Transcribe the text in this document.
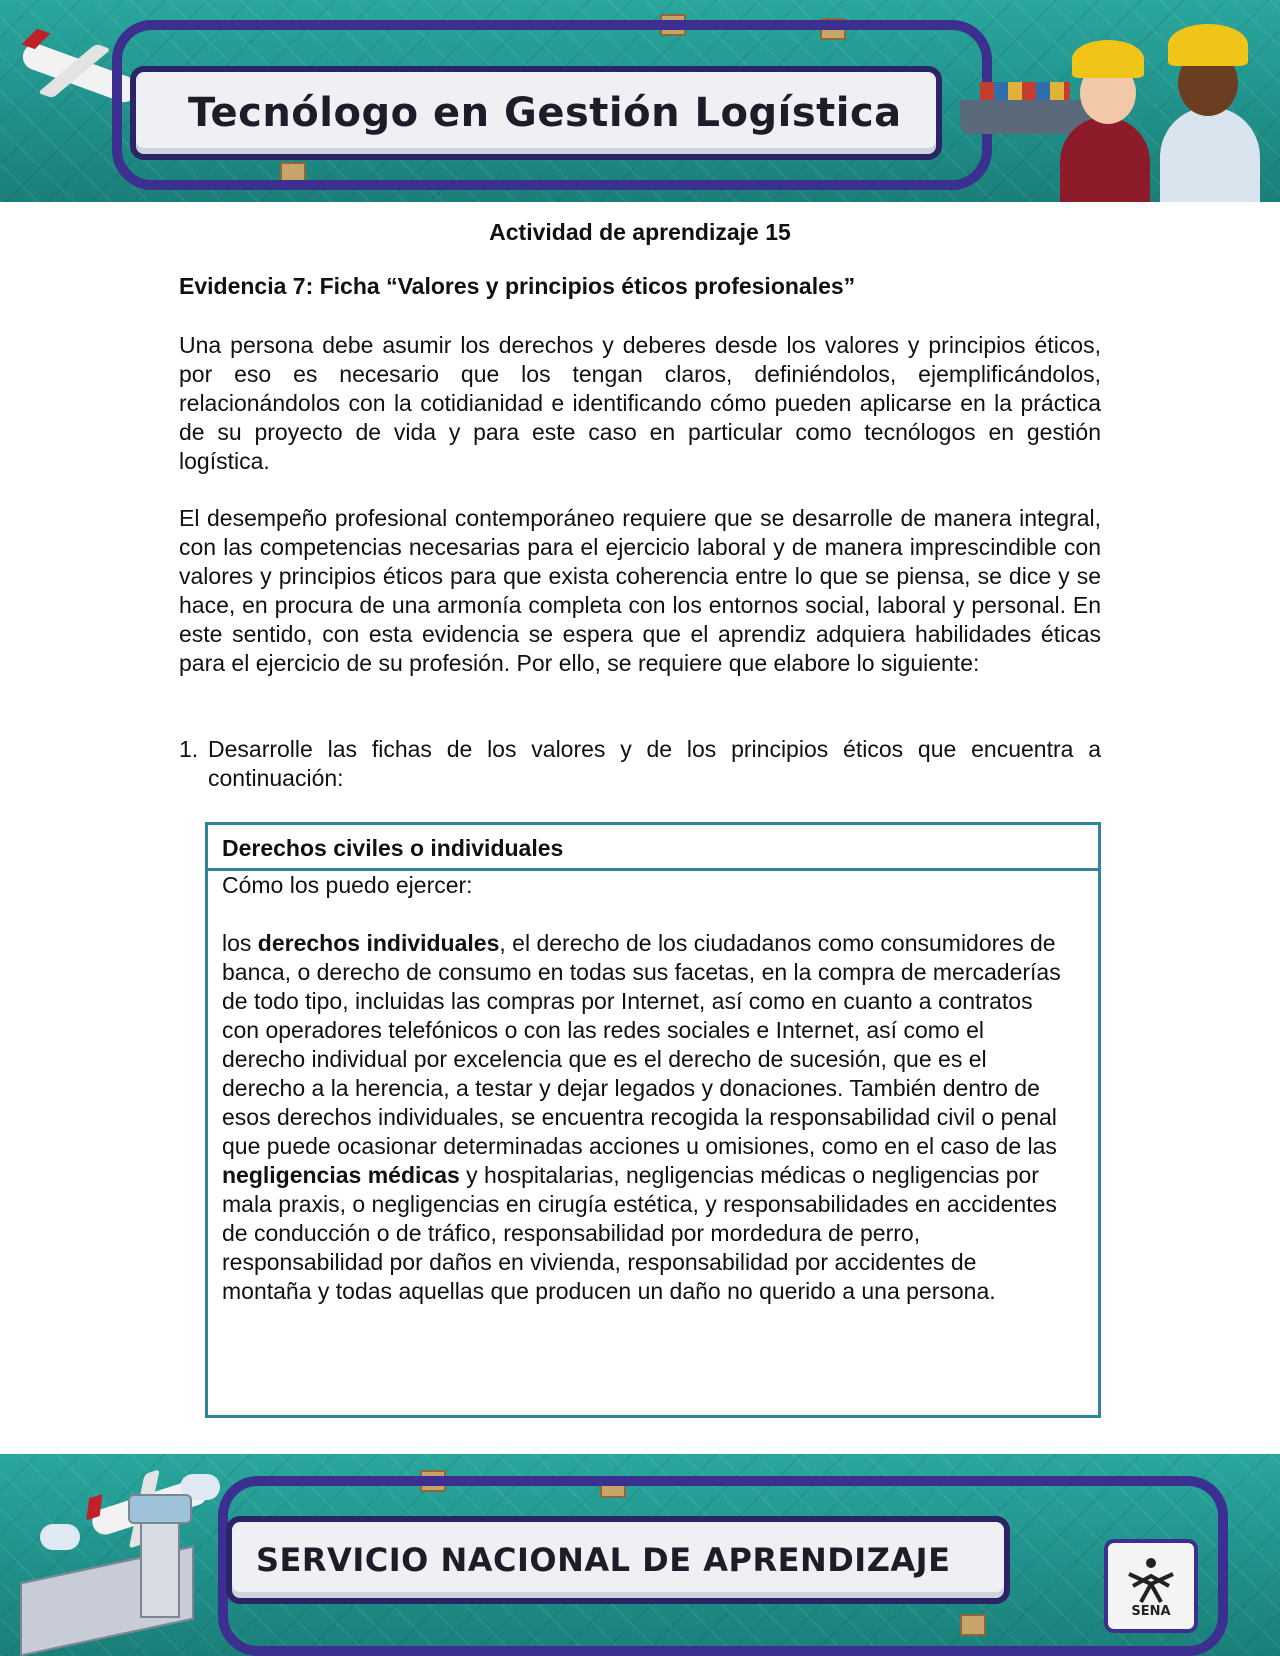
Tecnólogo en Gestión Logística
Actividad de aprendizaje 15
Evidencia 7: Ficha “Valores y principios éticos profesionales”
Una persona debe asumir los derechos y deberes desde los valores y principios éticos, por eso es necesario que los tengan claros, definiéndolos, ejemplificándolos, relacionándolos con la cotidianidad e identificando cómo pueden aplicarse en la práctica de su proyecto de vida y para este caso en particular como tecnólogos en gestión logística.
El desempeño profesional contemporáneo requiere que se desarrolle de manera integral, con las competencias necesarias para el ejercicio laboral y de manera imprescindible con valores y principios éticos para que exista coherencia entre lo que se piensa, se dice y se hace, en procura de una armonía completa con los entornos social, laboral y personal. En este sentido, con esta evidencia se espera que el aprendiz adquiera habilidades éticas para el ejercicio de su profesión. Por ello, se requiere que elabore lo siguiente:
1. Desarrolle las fichas de los valores y de los principios éticos que encuentra a continuación:
Derechos civiles o individuales

Cómo los puedo ejercer:

los derechos individuales, el derecho de los ciudadanos como consumidores de banca, o derecho de consumo en todas sus facetas, en la compra de mercaderías de todo tipo, incluidas las compras por Internet, así como en cuanto a contratos con operadores telefónicos o con las redes sociales e Internet, así como el derecho individual por excelencia que es el derecho de sucesión, que es el derecho a la herencia, a testar y dejar legados y donaciones. También dentro de esos derechos individuales, se encuentra recogida la responsabilidad civil o penal que puede ocasionar determinadas acciones u omisiones, como en el caso de las negligencias médicas y hospitalarias, negligencias médicas o negligencias por mala praxis, o negligencias en cirugía estética, y responsabilidades en accidentes de conducción o de tráfico, responsabilidad por mordedura de perro, responsabilidad por daños en vivienda, responsabilidad por accidentes de montaña y todas aquellas que producen un daño no querido a una persona.

SERVICIO NACIONAL DE APRENDIZAJE
SENA
